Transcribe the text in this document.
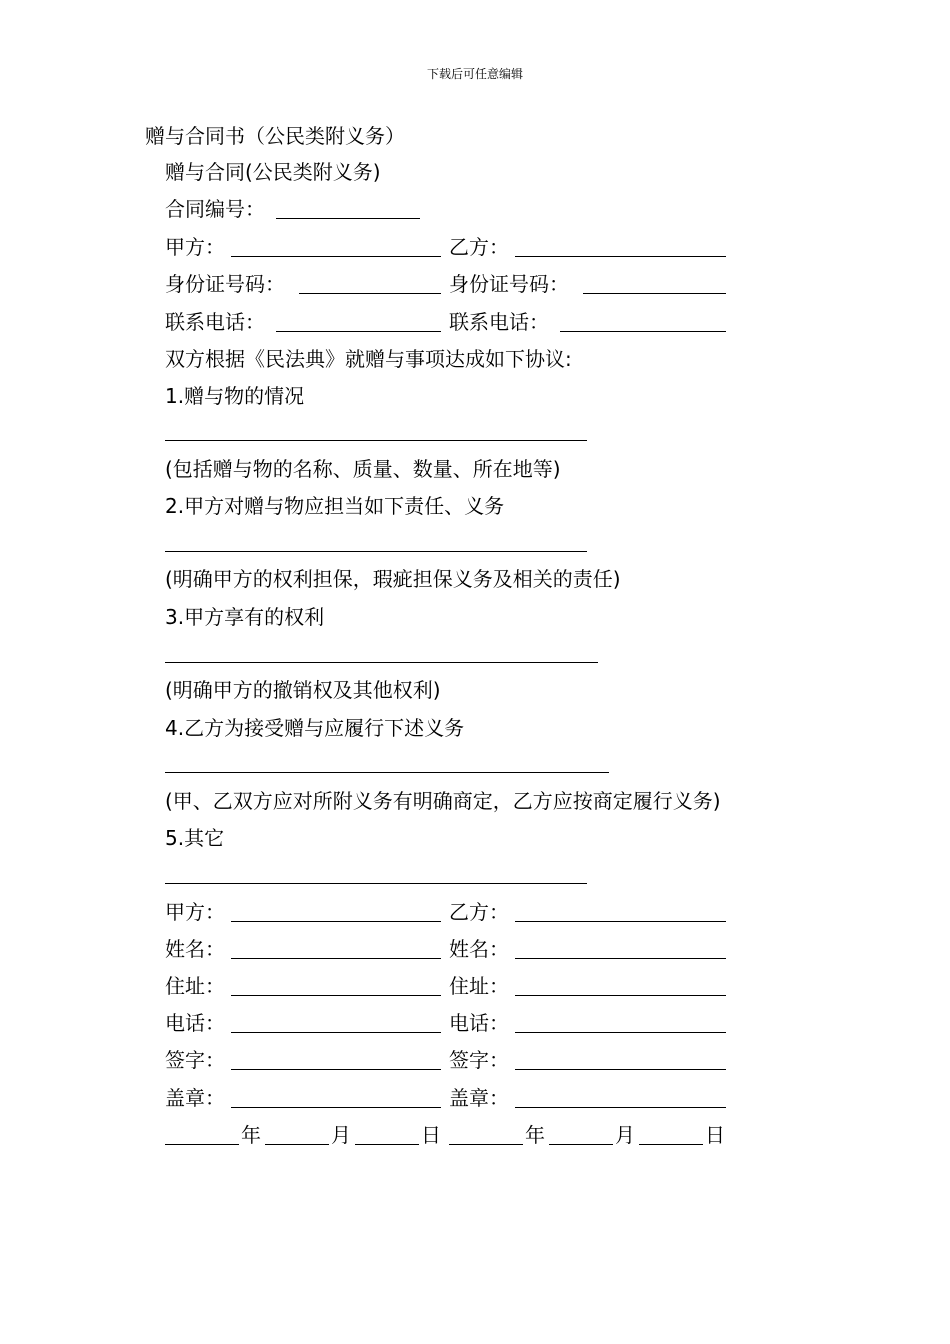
下载后可任意编辑
赠与合同书（公民类附义务）
赠与合同(公民类附义务)
合同编号：
甲方：	乙方：
身份证号码：	身份证号码：
联系电话：	联系电话：
双方根据《民法典》就赠与事项达成如下协议:
1.赠与物的情况
(包括赠与物的名称、质量、数量、所在地等)
2.甲方对赠与物应担当如下责任、义务
(明确甲方的权利担保，瑕疵担保义务及相关的责任)
3.甲方享有的权利
(明确甲方的撤销权及其他权利)
4.乙方为接受赠与应履行下述义务
(甲、乙双方应对所附义务有明确商定，乙方应按商定履行义务)
5.其它
甲方：	乙方：
姓名：	姓名：
住址：	住址：
电话：	电话：
签字：	签字：
盖章：	盖章：
年	月	日	年	月	日
